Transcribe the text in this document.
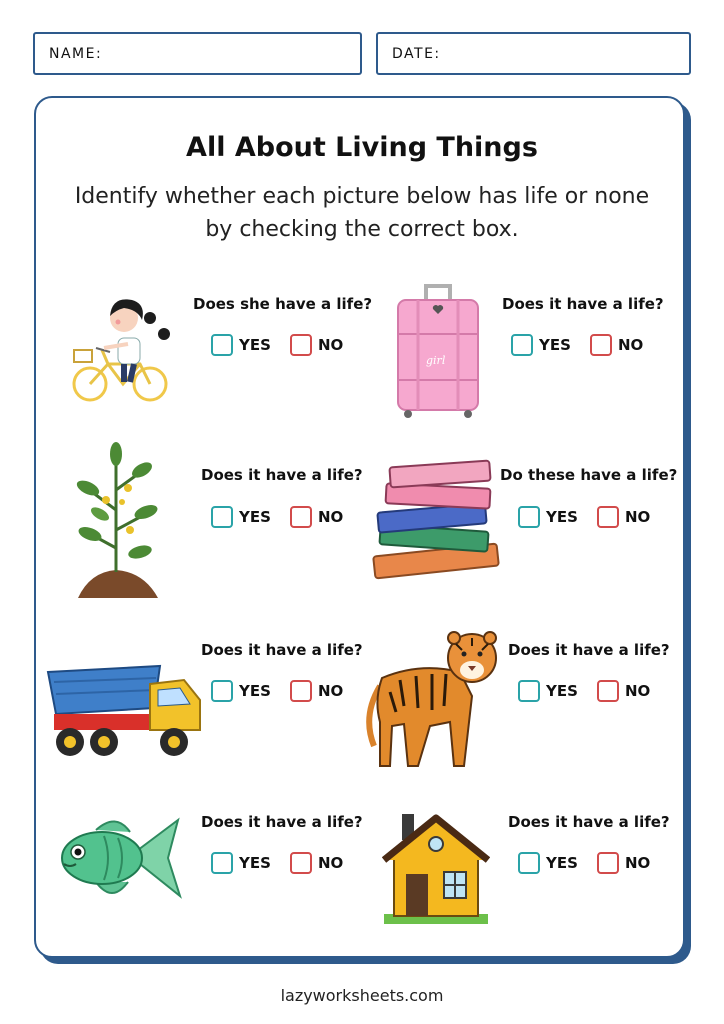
NAME:	DATE:
All About Living Things
Identify whether each picture below has life or none
by checking the correct box.
Does she have a life?
YES	NO
girl
Does it have a life?
YES	NO
Does it have a life?
YES	NO
Do these have a life?
YES	NO
Does it have a life?
YES	NO
Does it have a life?
YES	NO
Does it have a life?
YES	NO
Does it have a life?
YES	NO
lazyworksheets.com
